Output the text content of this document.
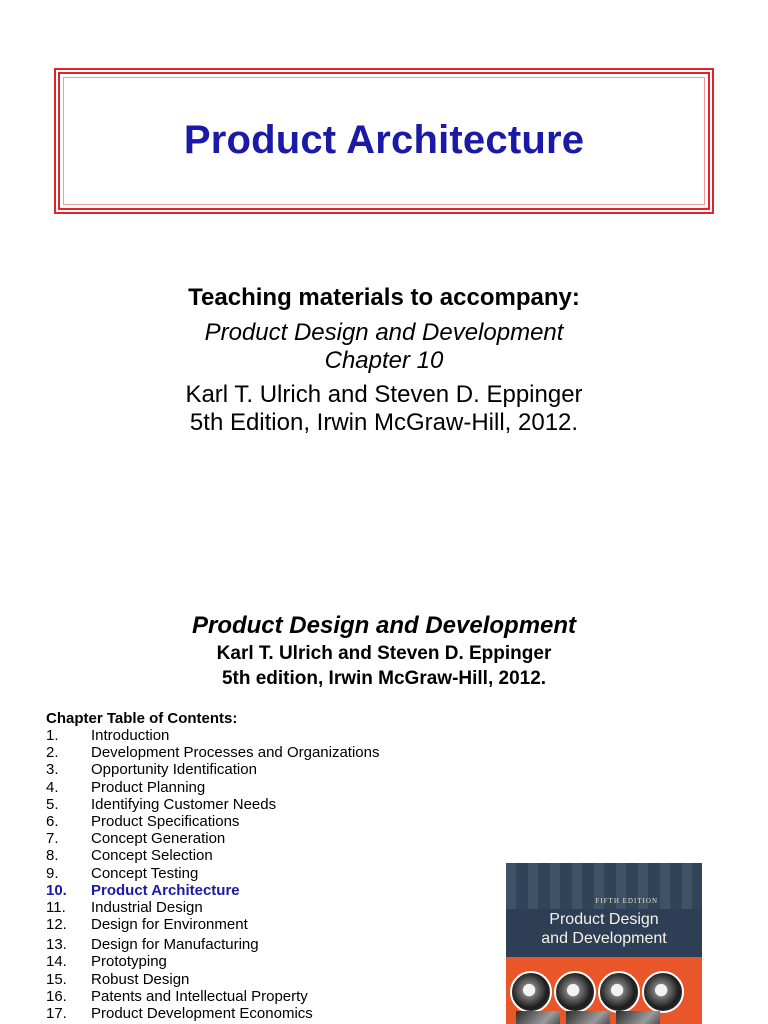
Product Architecture
Teaching materials to accompany:
Product Design and Development
Chapter 10
Karl T. Ulrich and Steven D. Eppinger
5th Edition, Irwin McGraw-Hill, 2012.
Product Design and Development
Karl T. Ulrich and Steven D. Eppinger
5th edition, Irwin McGraw-Hill, 2012.
Chapter Table of Contents:
1. Introduction
2. Development Processes and Organizations
3. Opportunity Identification
4. Product Planning
5. Identifying Customer Needs
6. Product Specifications
7. Concept Generation
8. Concept Selection
9. Concept Testing
10. Product Architecture
11. Industrial Design
12. Design for Environment
13. Design for Manufacturing
14. Prototyping
15. Robust Design
16. Patents and Intellectual Property
17. Product Development Economics
FIFTH EDITION
Product Design
and Development
